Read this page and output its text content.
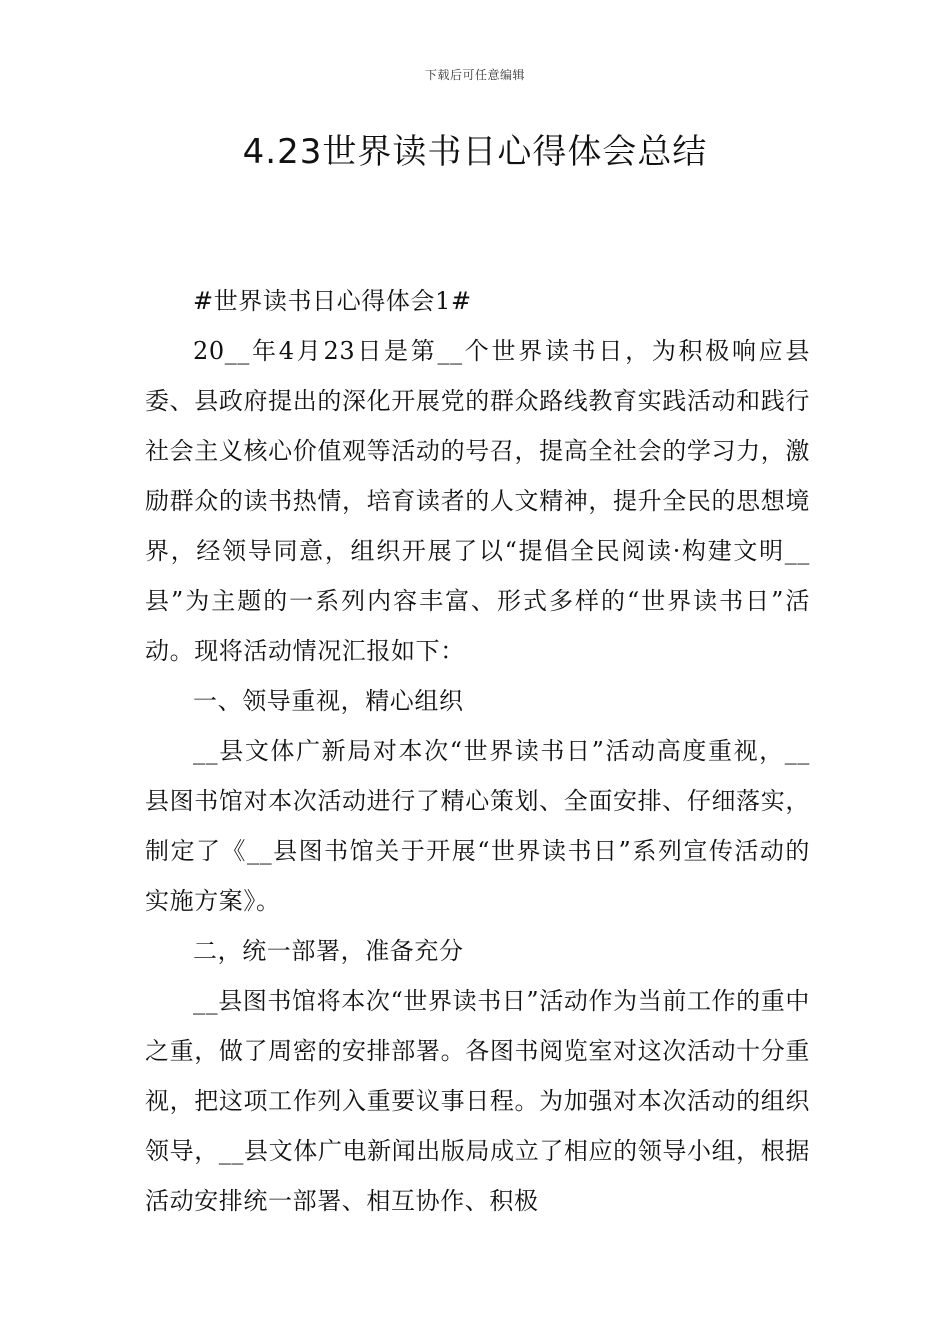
下载后可任意编辑
4.23世界读书日心得体会总结

#世界读书日心得体会1#

20__年4月23日是第__个世界读书日，为积极响应县委、县政府提出的深化开展党的群众路线教育实践活动和践行社会主义核心价值观等活动的号召，提高全社会的学习力，激励群众的读书热情，培育读者的人文精神，提升全民的思想境界，经领导同意，组织开展了以“提倡全民阅读·构建文明__县”为主题的一系列内容丰富、形式多样的“世界读书日”活动。现将活动情况汇报如下：

一、领导重视，精心组织

__县文体广新局对本次“世界读书日”活动高度重视，__县图书馆对本次活动进行了精心策划、全面安排、仔细落实，制定了《__县图书馆关于开展“世界读书日”系列宣传活动的实施方案》。

二，统一部署，准备充分

__县图书馆将本次“世界读书日”活动作为当前工作的重中之重，做了周密的安排部署。各图书阅览室对这次活动十分重视，把这项工作列入重要议事日程。为加强对本次活动的组织领导，__县文体广电新闻出版局成立了相应的领导小组，根据活动安排统一部署、相互协作、积极
